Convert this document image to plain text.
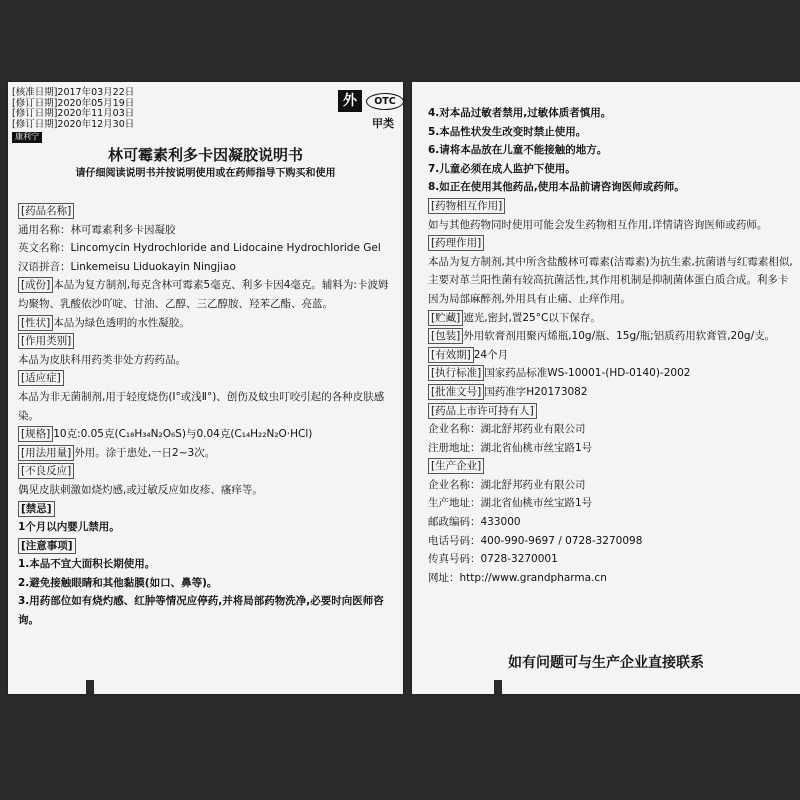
[核准日期]2017年03月22日
[修订日期]2020年05月19日
[修订日期]2020年11月03日
[修订日期]2020年12月30日
康利宁
外	OTC
甲类
林可霉素利多卡因凝胶说明书
请仔细阅读说明书并按说明使用或在药师指导下购买和使用

[药品名称]

通用名称：林可霉素利多卡因凝胶

英文名称：Lincomycin Hydrochloride and Lidocaine Hydrochloride Gel

汉语拼音：Linkemeisu Liduokayin Ningjiao

[成份] 本品为复方制剂,每克含林可霉素5毫克、利多卡因4毫克。辅料为:卡波姆均聚物、乳酸依沙吖啶、甘油、乙醇、三乙醇胺、羟苯乙酯、亮蓝。

[性状] 本品为绿色透明的水性凝胶。

[作用类别]

本品为皮肤科用药类非处方药药品。

[适应症]

本品为非无菌制剂,用于轻度烧伤(Ⅰ°或浅Ⅱ°)、创伤及蚊虫叮咬引起的各种皮肤感染。

[规格] 10克:0.05克(C₁₈H₃₄N₂O₆S)与0.04克(C₁₄H₂₂N₂O·HCl)

[用法用量] 外用。涂于患处,一日2~3次。

[不良反应]

偶见皮肤刺激如烧灼感,或过敏反应如皮疹、瘙痒等。

[禁忌]

1个月以内婴儿禁用。

[注意事项]

1.本品不宜大面积长期使用。

2.避免接触眼睛和其他黏膜(如口、鼻等)。

3.用药部位如有烧灼感、红肿等情况应停药,并将局部药物洗净,必要时向医师咨询。

4.对本品过敏者禁用,过敏体质者慎用。

5.本品性状发生改变时禁止使用。

6.请将本品放在儿童不能接触的地方。

7.儿童必须在成人监护下使用。

8.如正在使用其他药品,使用本品前请咨询医师或药师。

[药物相互作用]

如与其他药物同时使用可能会发生药物相互作用,详情请咨询医师或药师。

[药理作用]

本品为复方制剂,其中所含盐酸林可霉素(洁霉素)为抗生素,抗菌谱与红霉素相似,主要对革兰阳性菌有较高抗菌活性,其作用机制是抑制菌体蛋白质合成。利多卡因为局部麻醉剂,外用具有止痛、止痒作用。

[贮藏] 遮光,密封,置25°C以下保存。

[包装] 外用软膏剂用聚丙烯瓶,10g/瓶、15g/瓶;铝质药用软膏管,20g/支。

[有效期] 24个月

[执行标准] 国家药品标准WS-10001-(HD-0140)-2002

[批准文号] 国药准字H20173082

[药品上市许可持有人]

企业名称：湖北舒邦药业有限公司

注册地址：湖北省仙桃市丝宝路1号

[生产企业]

企业名称：湖北舒邦药业有限公司

生产地址：湖北省仙桃市丝宝路1号

邮政编码：433000

电话号码：400-990-9697 / 0728-3270098

传真号码：0728-3270001

网址：http://www.grandpharma.cn

如有问题可与生产企业直接联系
